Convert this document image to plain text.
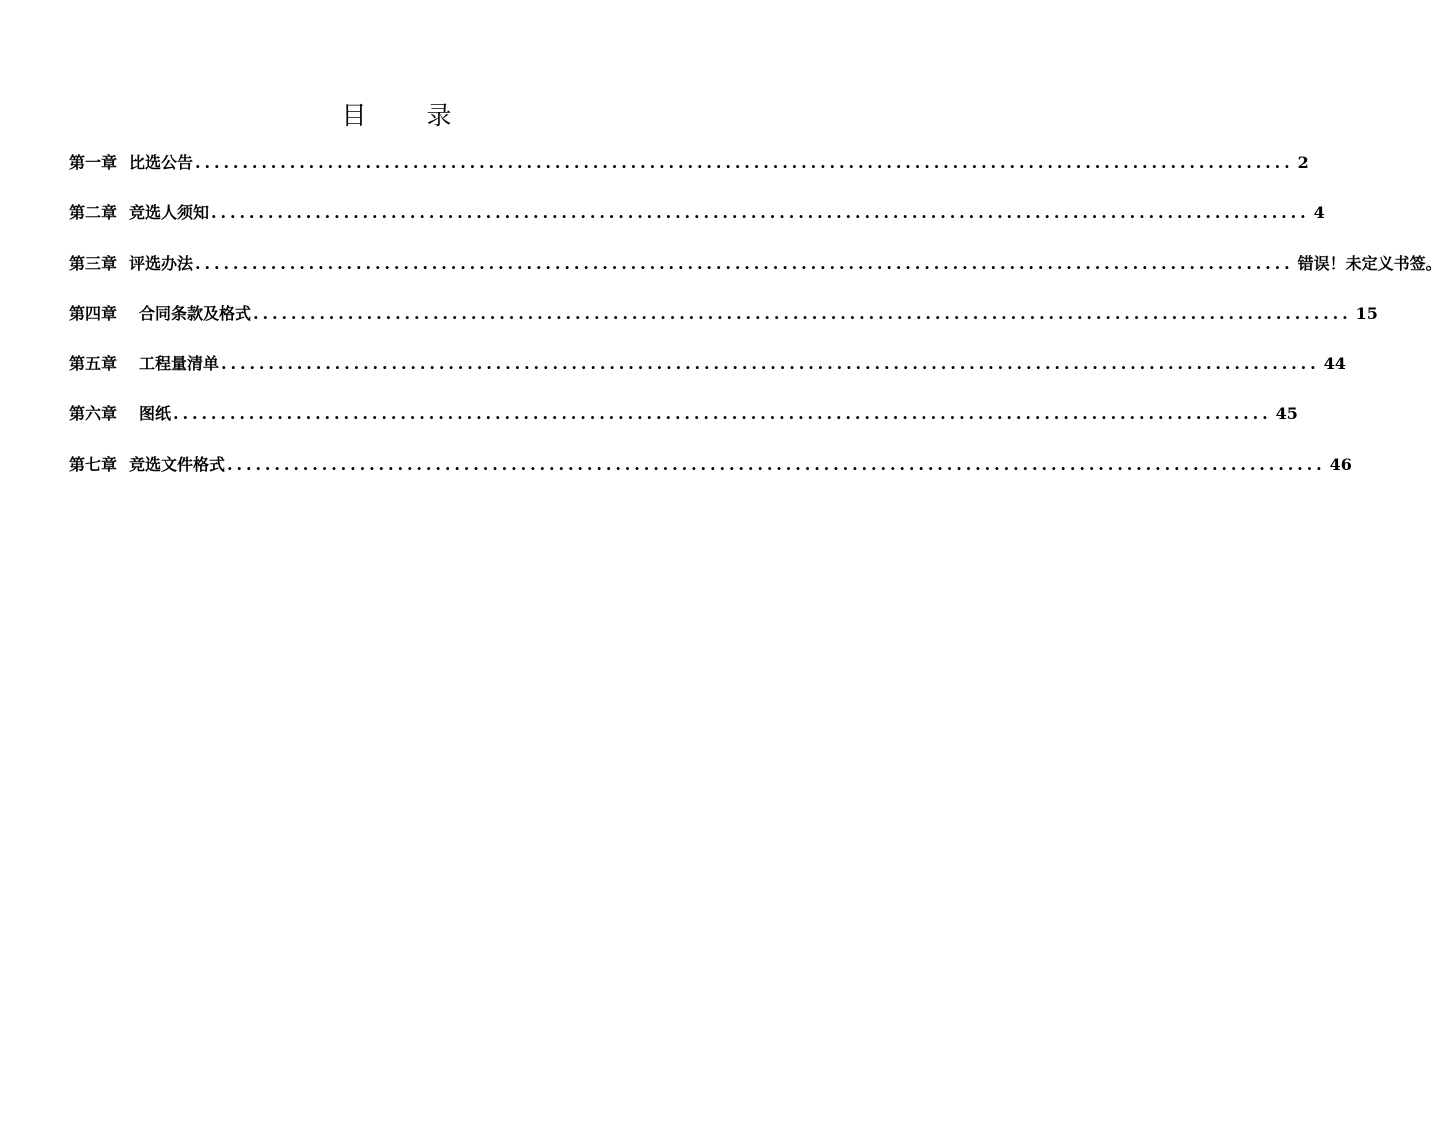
目 录
第一章 比选公告 .................................................................................................................... 2
第二章 竞选人须知 .................................................................................................................... 4
第三章 评选办法 .................................................................................................................... 错误！未定义书签。
第四章 合同条款及格式 .................................................................................................................... 15
第五章 工程量清单 .................................................................................................................... 44
第六章 图纸 .................................................................................................................... 45
第七章 竞选文件格式 .................................................................................................................... 46
